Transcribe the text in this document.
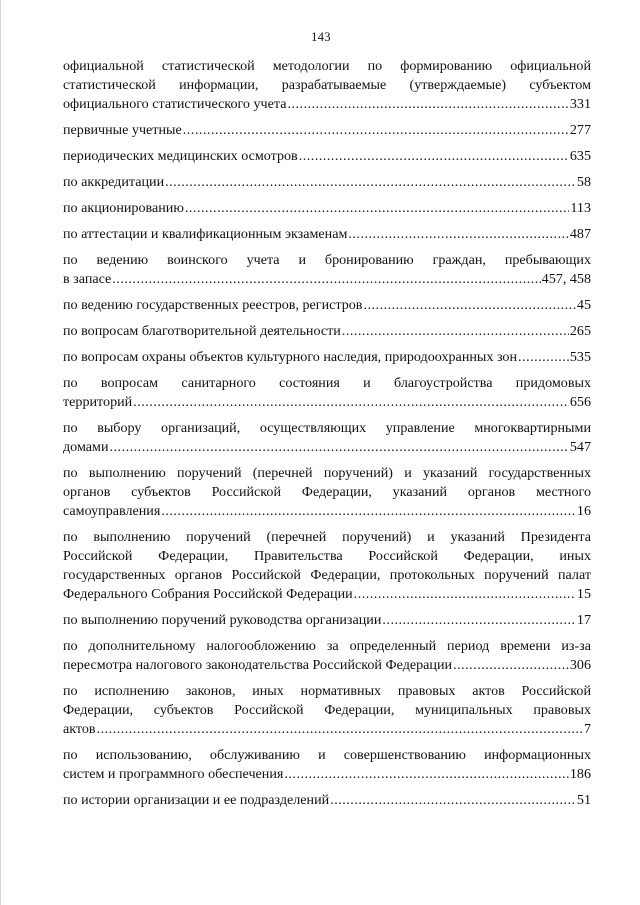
143
официальной статистической методологии по формированию официальной
статистической информации, разрабатываемые (утверждаемые) субъектом
официального статистического учета .....	331
первичные учетные .....	277
периодических медицинских осмотров .....	635
по аккредитации .....	58
по акционированию .....	113
по аттестации и квалификационным экзаменам .....	487
по ведению воинского учета и бронированию граждан, пребывающих
в запасе .....	457, 458
по ведению государственных реестров, регистров .....	45
по вопросам благотворительной деятельности .....	265
по вопросам охраны объектов культурного наследия, природоохранных зон .....	535
по вопросам санитарного состояния и благоустройства придомовых
территорий .....	656
по выбору организаций, осуществляющих управление многоквартирными
домами .....	547
по выполнению поручений (перечней поручений) и указаний государственных
органов субъектов Российской Федерации, указаний органов местного
самоуправления .....	16
по выполнению поручений (перечней поручений) и указаний Президента
Российской Федерации, Правительства Российской Федерации, иных
государственных органов Российской Федерации, протокольных поручений палат
Федерального Собрания Российской Федерации .....	15
по выполнению поручений руководства организации .....	17
по дополнительному налогообложению за определенный период времени из-за
пересмотра налогового законодательства Российской Федерации .....	306
по исполнению законов, иных нормативных правовых актов Российской
Федерации, субъектов Российской Федерации, муниципальных правовых
актов .....	7
по использованию, обслуживанию и совершенствованию информационных
систем и программного обеспечения .....	186
по истории организации и ее подразделений .....	51
